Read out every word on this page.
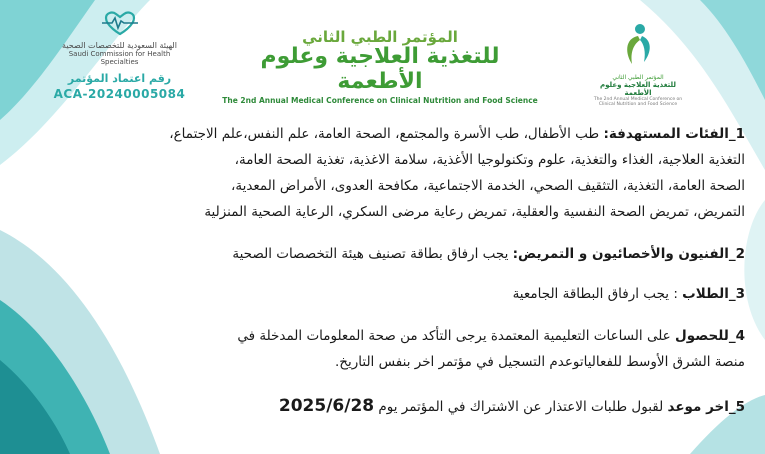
الهيئة السعودية للتخصصات الصحية
Saudi Commission for Health Specialties
رقم اعتماد المؤتمر
ACA-20240005084
المؤتمر الطبي الثاني
للتغذية العلاجية وعلوم الأطعمة
The 2nd Annual Medical Conference on Clinical Nutrition and Food Science
المؤتمر الطبي الثاني
للتغذية العلاجية وعلوم الأطعمة
The 2nd Annual Medical Conference on Clinical Nutrition and Food Science
1_الفئات المستهدفة: طب الأطفال، طب الأسرة والمجتمع، الصحة العامة، علم النفس،علم الاجتماع،
التغذية العلاجية، الغذاء والتغذية، علوم وتكنولوجيا الأغذية، سلامة الاغذية، تغذية الصحة العامة،
الصحة العامة، التغذية، التثقيف الصحي، الخدمة الاجتماعية، مكافحة العدوى، الأمراض المعدية،
التمريض، تمريض الصحة النفسية والعقلية، تمريض رعاية مرضى السكري، الرعاية الصحية المنزلية
2_الفنيون والأخصائيون و التمريض: يجب ارفاق بطاقة تصنيف هيئة التخصصات الصحية
3_الطلاب : يجب ارفاق البطاقة الجامعية
4_للحصول على الساعات التعليمية المعتمدة يرجى التأكد من صحة المعلومات المدخلة في
منصة الشرق الأوسط للفعالياتوعدم التسجيل في مؤتمر اخر بنفس التاريخ.
5_اخر موعد لقبول طلبات الاعتذار عن الاشتراك في المؤتمر يوم 2025/6/28
